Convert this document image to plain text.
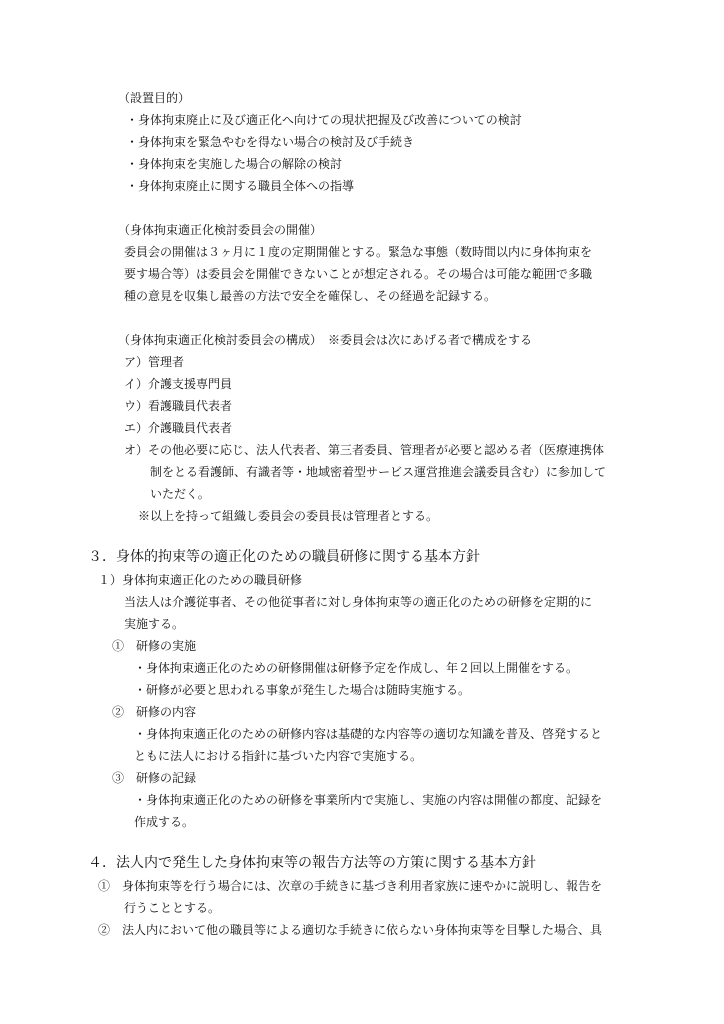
（設置目的）
・身体拘束廃止に及び適正化へ向けての現状把握及び改善についての検討
・身体拘束を緊急やむを得ない場合の検討及び手続き
・身体拘束を実施した場合の解除の検討
・身体拘束廃止に関する職員全体への指導
（身体拘束適正化検討委員会の開催）
委員会の開催は３ヶ月に１度の定期開催とする。緊急な事態（数時間以内に身体拘束を
要す場合等）は委員会を開催できないことが想定される。その場合は可能な範囲で多職
種の意見を収集し最善の方法で安全を確保し、その経過を記録する。
（身体拘束適正化検討委員会の構成）　※委員会は次にあげる者で構成をする
ア）管理者
イ）介護支援専門員
ウ）看護職員代表者
エ）介護職員代表者
オ）その他必要に応じ、法人代表者、第三者委員、管理者が必要と認める者（医療連携体
制をとる看護師、有識者等・地域密着型サービス運営推進会議委員含む）に参加して
いただく。
※以上を持って組織し委員会の委員長は管理者とする。
３．身体的拘束等の適正化のための職員研修に関する基本方針
１）身体拘束適正化のための職員研修
当法人は介護従事者、その他従事者に対し身体拘束等の適正化のための研修を定期的に
実施する。
①　研修の実施
・身体拘束適正化のための研修開催は研修予定を作成し、年２回以上開催をする。
・研修が必要と思われる事象が発生した場合は随時実施する。
②　研修の内容
・身体拘束適正化のための研修内容は基礎的な内容等の適切な知識を普及、啓発すると
ともに法人における指針に基づいた内容で実施する。
③　研修の記録
・身体拘束適正化のための研修を事業所内で実施し、実施の内容は開催の都度、記録を
作成する。
４．法人内で発生した身体拘束等の報告方法等の方策に関する基本方針
①　身体拘束等を行う場合には、次章の手続きに基づき利用者家族に速やかに説明し、報告を
行うこととする。
②　法人内において他の職員等による適切な手続きに依らない身体拘束等を目撃した場合、具
